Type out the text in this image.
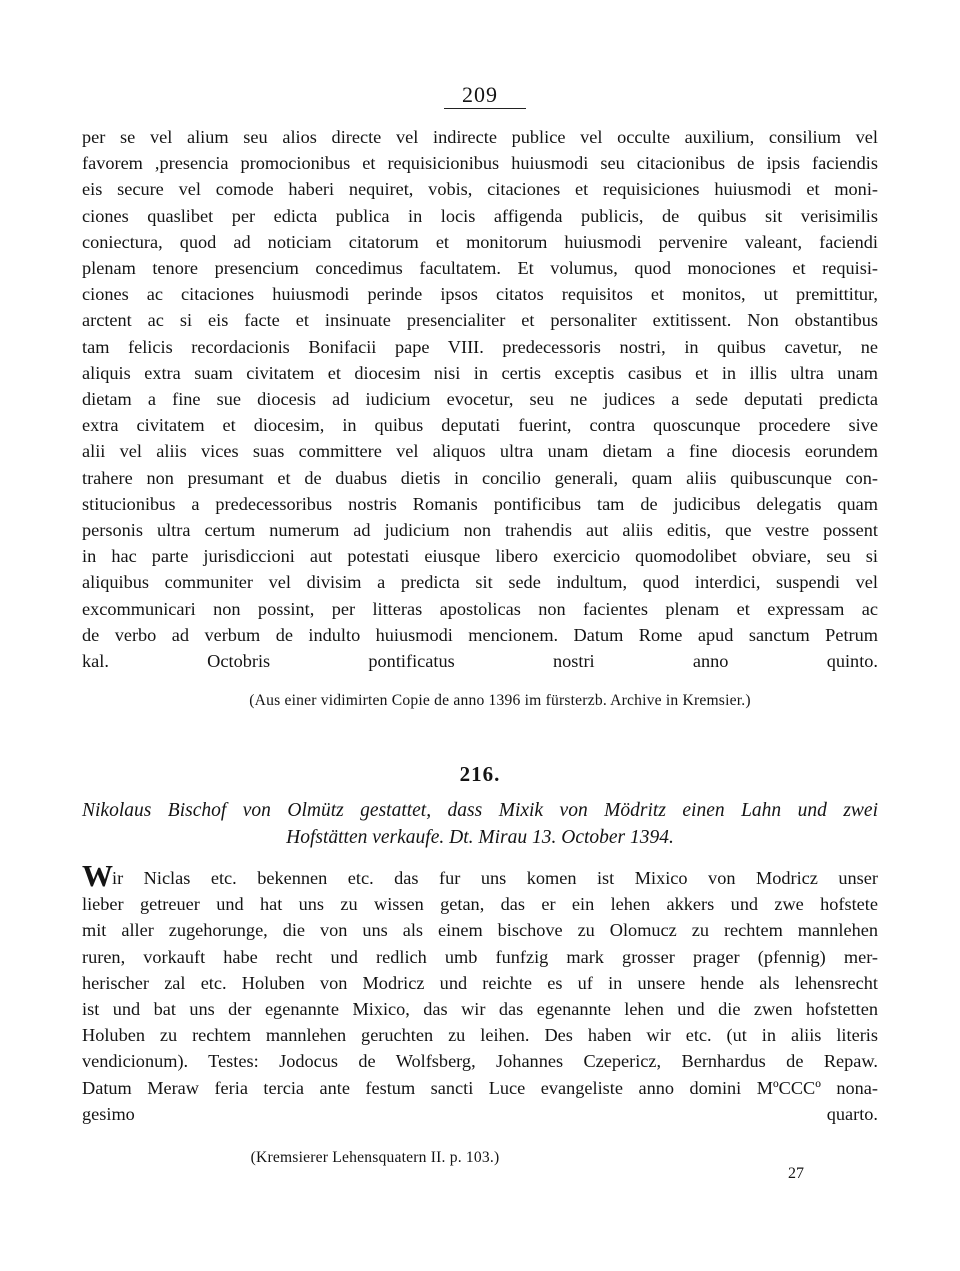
209
per se vel alium seu alios directe vel indirecte publice vel occulte auxilium, consilium vel
favorem ,presencia promocionibus et requisicionibus huiusmodi seu citacionibus de ipsis faciendis
eis secure vel comode haberi nequiret, vobis, citaciones et requisiciones huiusmodi et moni-
ciones quaslibet per edicta publica in locis affigenda publicis, de quibus sit verisimilis
coniectura, quod ad noticiam citatorum et monitorum huiusmodi pervenire valeant, faciendi
plenam tenore presencium concedimus facultatem. Et volumus, quod monociones et requisi-
ciones ac citaciones huiusmodi perinde ipsos citatos requisitos et monitos, ut premittitur,
arctent ac si eis facte et insinuate presencialiter et personaliter extitissent. Non obstantibus
tam felicis recordacionis Bonifacii pape VIII. predecessoris nostri, in quibus cavetur, ne
aliquis extra suam civitatem et diocesim nisi in certis exceptis casibus et in illis ultra unam
dietam a fine sue diocesis ad iudicium evocetur, seu ne judices a sede deputati predicta
extra civitatem et diocesim, in quibus deputati fuerint, contra quoscunque procedere sive
alii vel aliis vices suas committere vel aliquos ultra unam dietam a fine diocesis eorundem
trahere non presumant et de duabus dietis in concilio generali, quam aliis quibuscunque con-
stitucionibus a predecessoribus nostris Romanis pontificibus tam de judicibus delegatis quam
personis ultra certum numerum ad judicium non trahendis aut aliis editis, que vestre possent
in hac parte jurisdiccioni aut potestati eiusque libero exercicio quomodolibet obviare, seu si
aliquibus communiter vel divisim a predicta sit sede indultum, quod interdici, suspendi vel
excommunicari non possint, per litteras apostolicas non facientes plenam et expressam ac
de verbo ad verbum de indulto huiusmodi mencionem. Datum Rome apud sanctum Petrum
kal. Octobris pontificatus nostri anno quinto.
(Aus einer vidimirten Copie de anno 1396 im fürsterzb. Archive in Kremsier.)
216.
Nikolaus Bischof von Olmütz gestattet, dass Mixik von Mödritz einen Lahn und zwei
Hofstätten verkaufe. Dt. Mirau 13. October 1394.
Wir Niclas etc. bekennen etc. das fur uns komen ist Mixico von Modricz unser
lieber getreuer und hat uns zu wissen getan, das er ein lehen akkers und zwe hofstete
mit aller zugehorunge, die von uns als einem bischove zu Olomucz zu rechtem mannlehen
ruren, vorkauft habe recht und redlich umb funfzig mark grosser prager (pfennig) mer-
herischer zal etc. Holuben von Modricz und reichte es uf in unsere hende als lehensrecht
ist und bat uns der egenannte Mixico, das wir das egenannte lehen und die zwen hofstetten
Holuben zu rechtem mannlehen geruchten zu leihen. Des haben wir etc. (ut in aliis literis
vendicionum). Testes: Jodocus de Wolfsberg, Johannes Czepericz, Bernhardus de Repaw.
Datum Meraw feria tercia ante festum sancti Luce evangeliste anno domini MºCCCº nona-
gesimo quarto.
(Kremsierer Lehensquatern II. p. 103.)
27
